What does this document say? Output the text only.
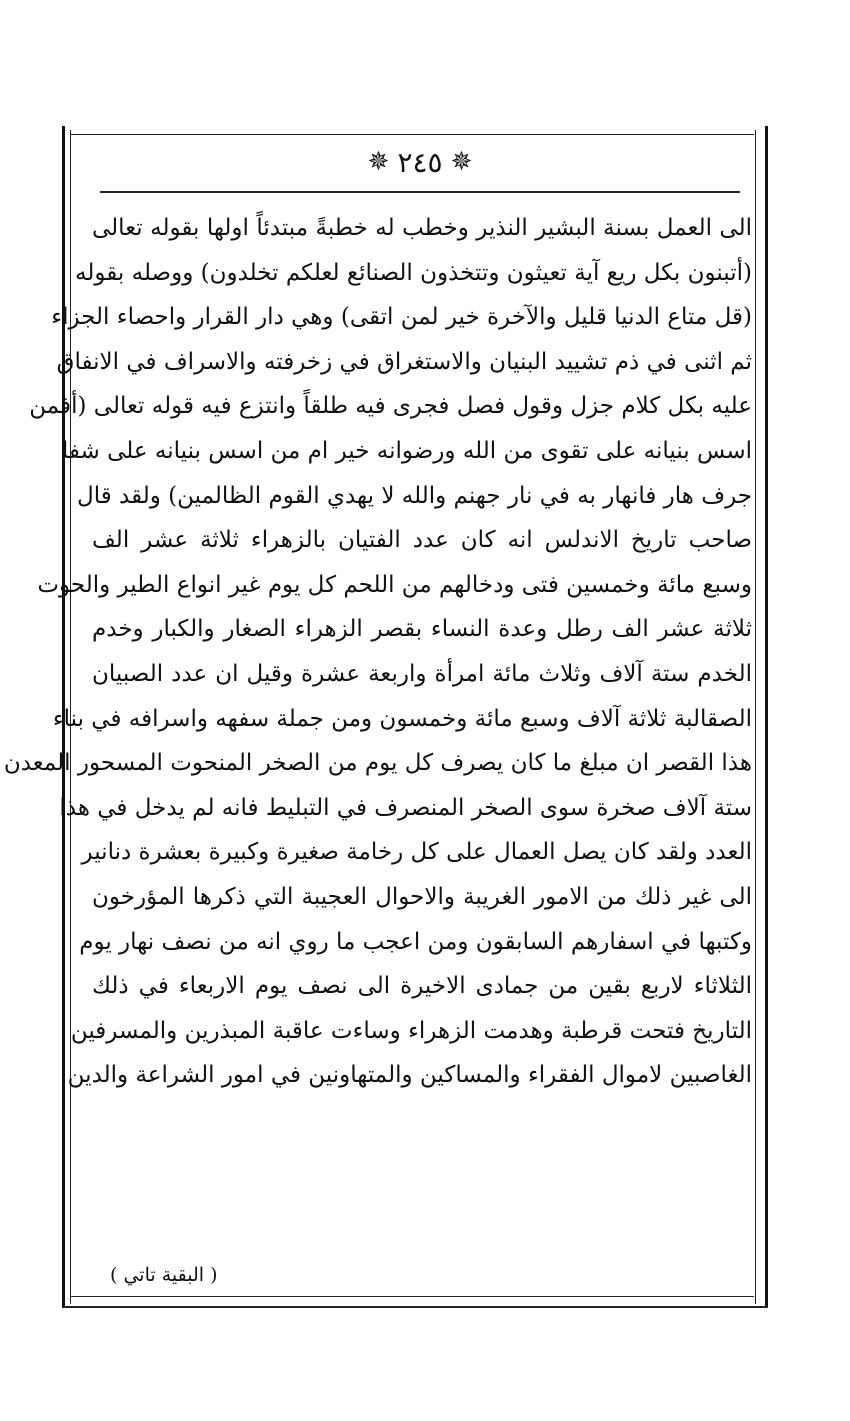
✵ ٢٤٥ ✵
الى العمل بسنة البشير النذير وخطب له خطبةً مبتدئاً اولها بقوله تعالى
(أتبنون بكل ريع آية تعيثون وتتخذون الصنائع لعلكم تخلدون) ووصله بقوله
(قل متاع الدنيا قليل والآخرة خير لمن اتقى) وهي دار القرار واحصاء الجزاء
ثم اثنى في ذم تشييد البنيان والاستغراق في زخرفته والاسراف في الانفاق
عليه بكل كلام جزل وقول فصل فجرى فيه طلقاً وانتزع فيه قوله تعالى (أفمن
اسس بنيانه على تقوى من الله ورضوانه خير ام من اسس بنيانه على شفا
جرف هار فانهار به في نار جهنم والله لا يهدي القوم الظالمين) ولقد قال
صاحب تاريخ الاندلس انه كان عدد الفتيان بالزهراء ثلاثة عشر الف
وسبع مائة وخمسين فتى ودخالهم من اللحم كل يوم غير انواع الطير والحوت
ثلاثة عشر الف رطل وعدة النساء بقصر الزهراء الصغار والكبار وخدم
الخدم ستة آلاف وثلاث مائة امرأة واربعة عشرة وقيل ان عدد الصبيان
الصقالبة ثلاثة آلاف وسبع مائة وخمسون ومن جملة سفهه واسرافه في بناء
هذا القصر ان مبلغ ما كان يصرف كل يوم من الصخر المنحوت المسحور المعدن
ستة آلاف صخرة سوى الصخر المنصرف في التبليط فانه لم يدخل في هذا
العدد ولقد كان يصل العمال على كل رخامة صغيرة وكبيرة بعشرة دنانير
الى غير ذلك من الامور الغريبة والاحوال العجيبة التي ذكرها المؤرخون
وكتبها في اسفارهم السابقون ومن اعجب ما روي انه من نصف نهار يوم
الثلاثاء لاربع بقين من جمادى الاخيرة الى نصف يوم الاربعاء في ذلك
التاريخ فتحت قرطبة وهدمت الزهراء وساءت عاقبة المبذرين والمسرفين
الغاصبين لاموال الفقراء والمساكين والمتهاونين في امور الشراعة والدين
( البقية تاتي )
